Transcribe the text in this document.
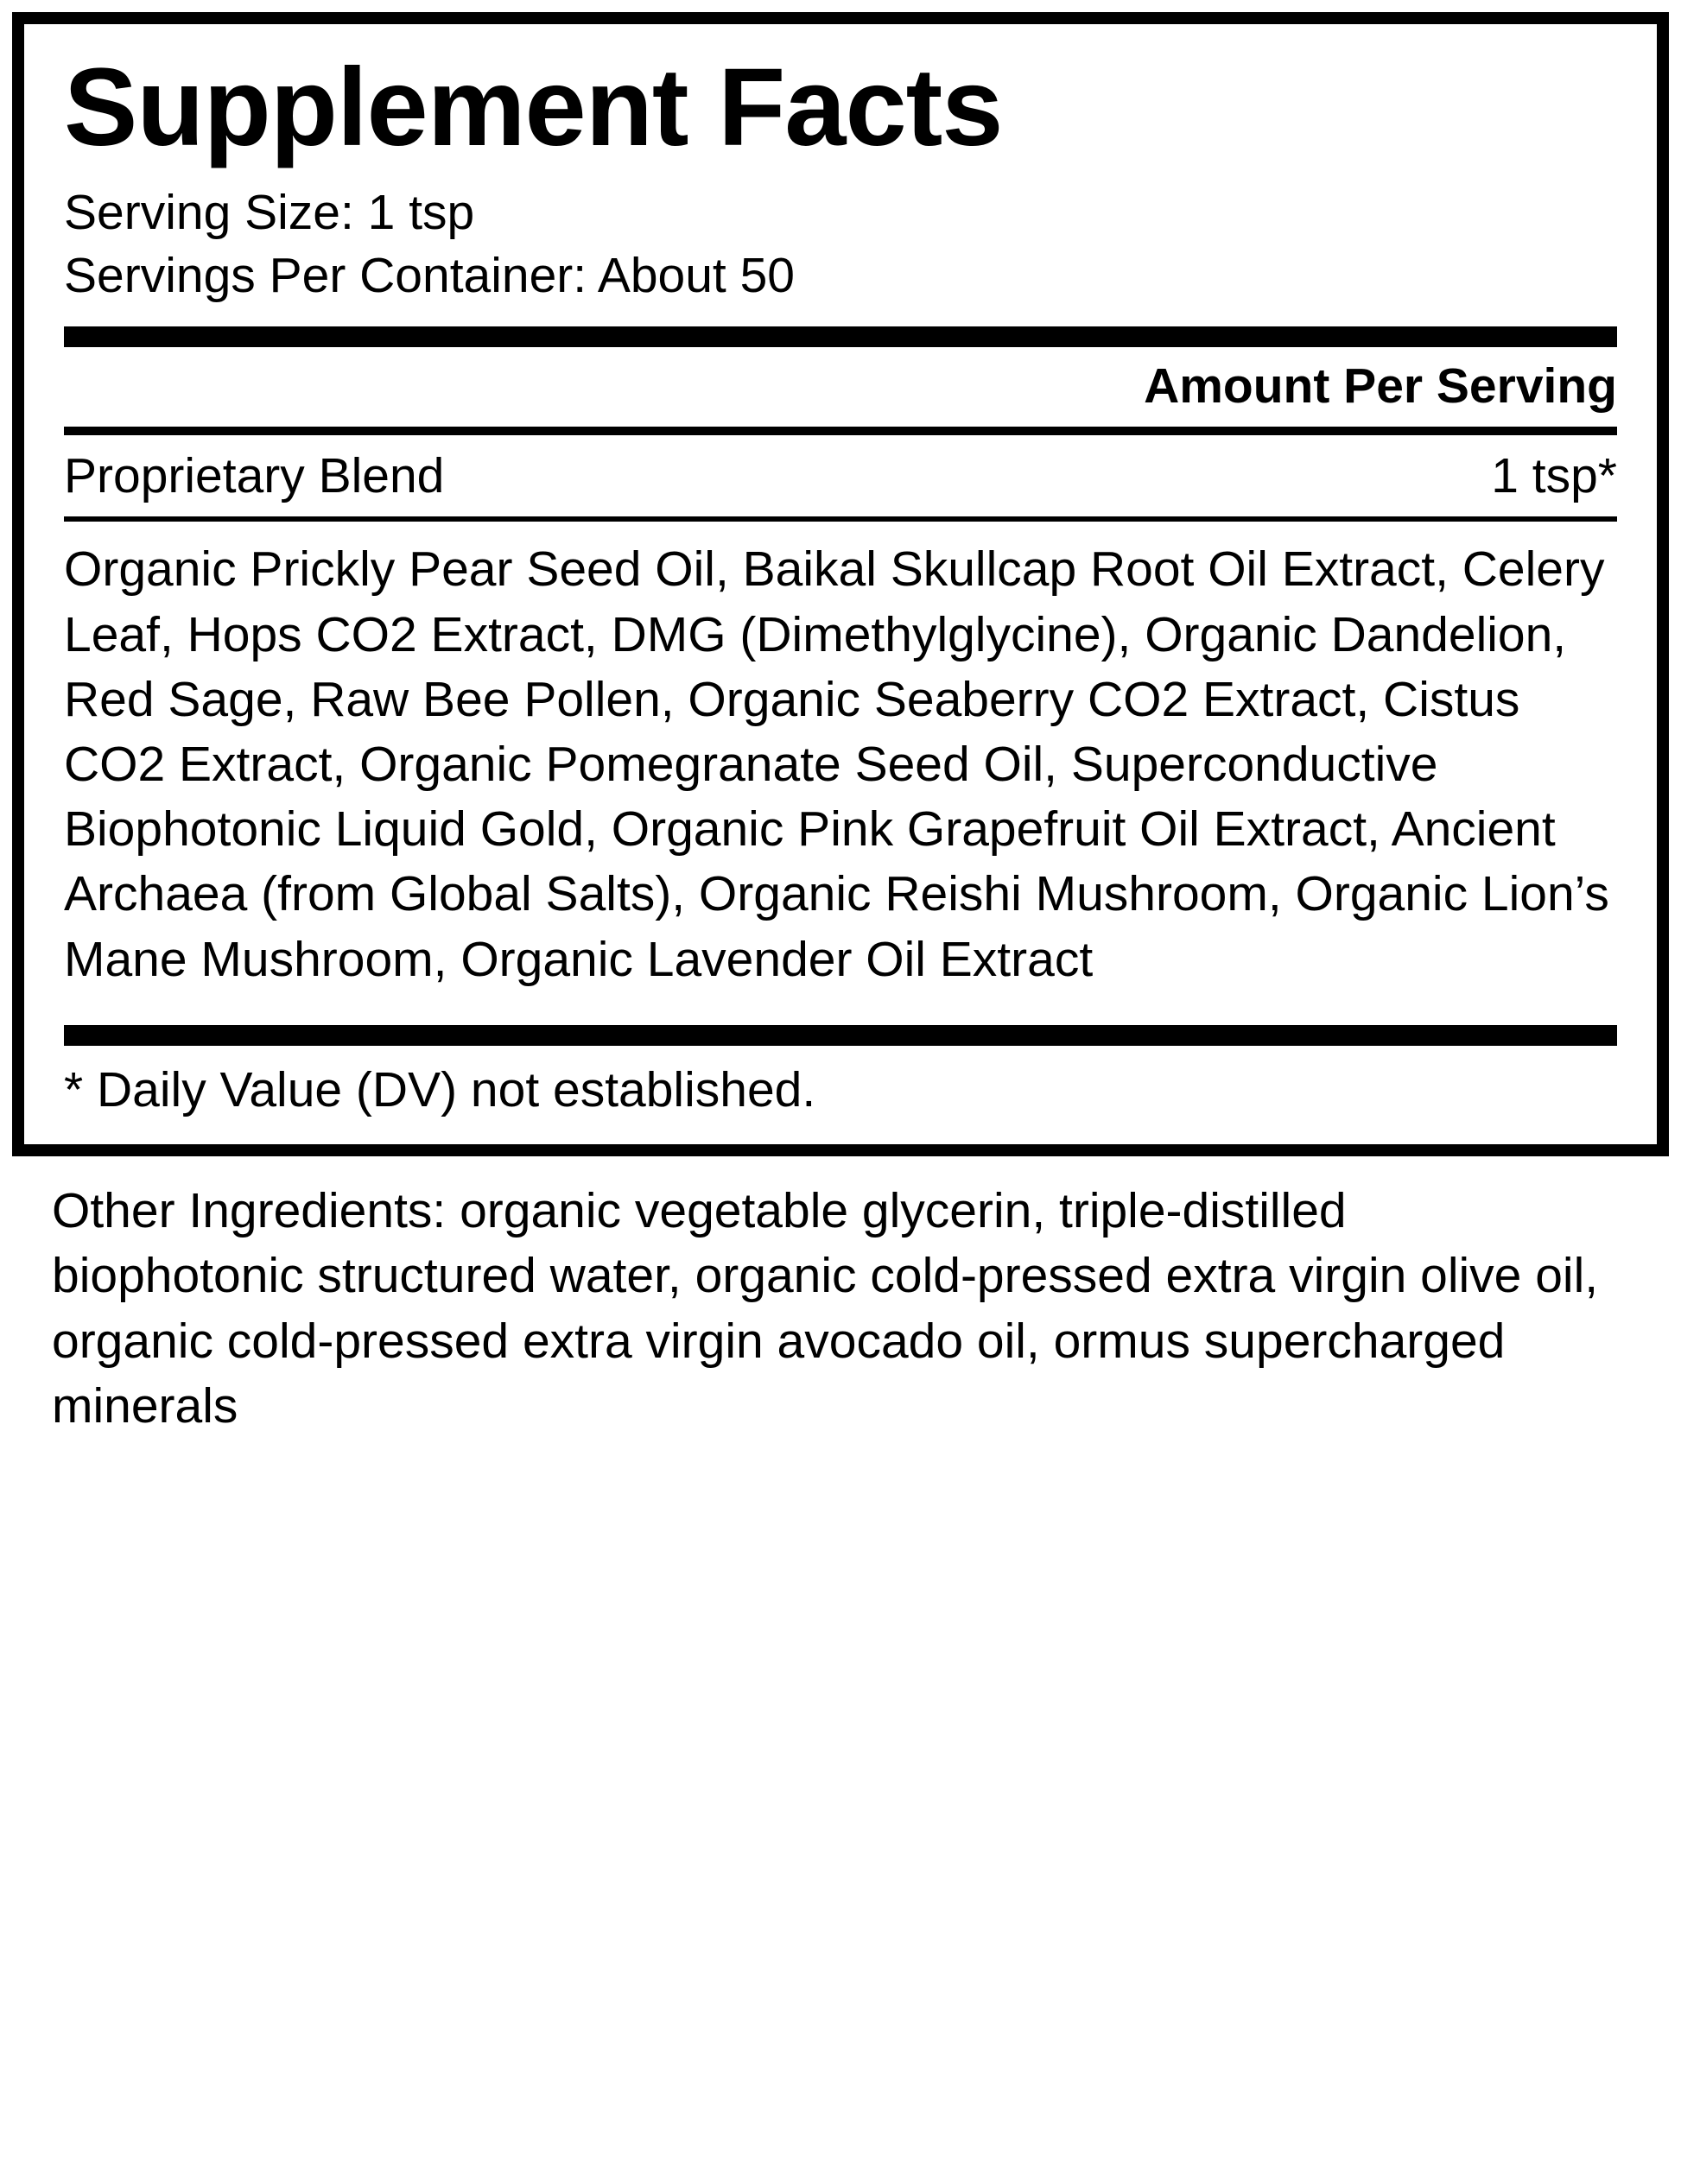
Supplement Facts
Serving Size: 1 tsp
Servings Per Container: About 50
Amount Per Serving
Proprietary Blend	1 tsp*
Organic Prickly Pear Seed Oil, Baikal Skullcap Root Oil Extract, Celery Leaf, Hops CO2 Extract, DMG (Dimethylglycine), Organic Dandelion, Red Sage, Raw Bee Pollen, Organic Seaberry CO2 Extract, Cistus CO2 Extract, Organic Pomegranate Seed Oil, Superconductive Biophotonic Liquid Gold, Organic Pink Grapefruit Oil Extract, Ancient Archaea (from Global Salts), Organic Reishi Mushroom, Organic Lion’s Mane Mushroom, Organic Lavender Oil Extract
* Daily Value (DV) not established.
Other Ingredients: organic vegetable glycerin, triple-distilled biophotonic structured water, organic cold-pressed extra virgin olive oil, organic cold-pressed extra virgin avocado oil, ormus supercharged minerals
